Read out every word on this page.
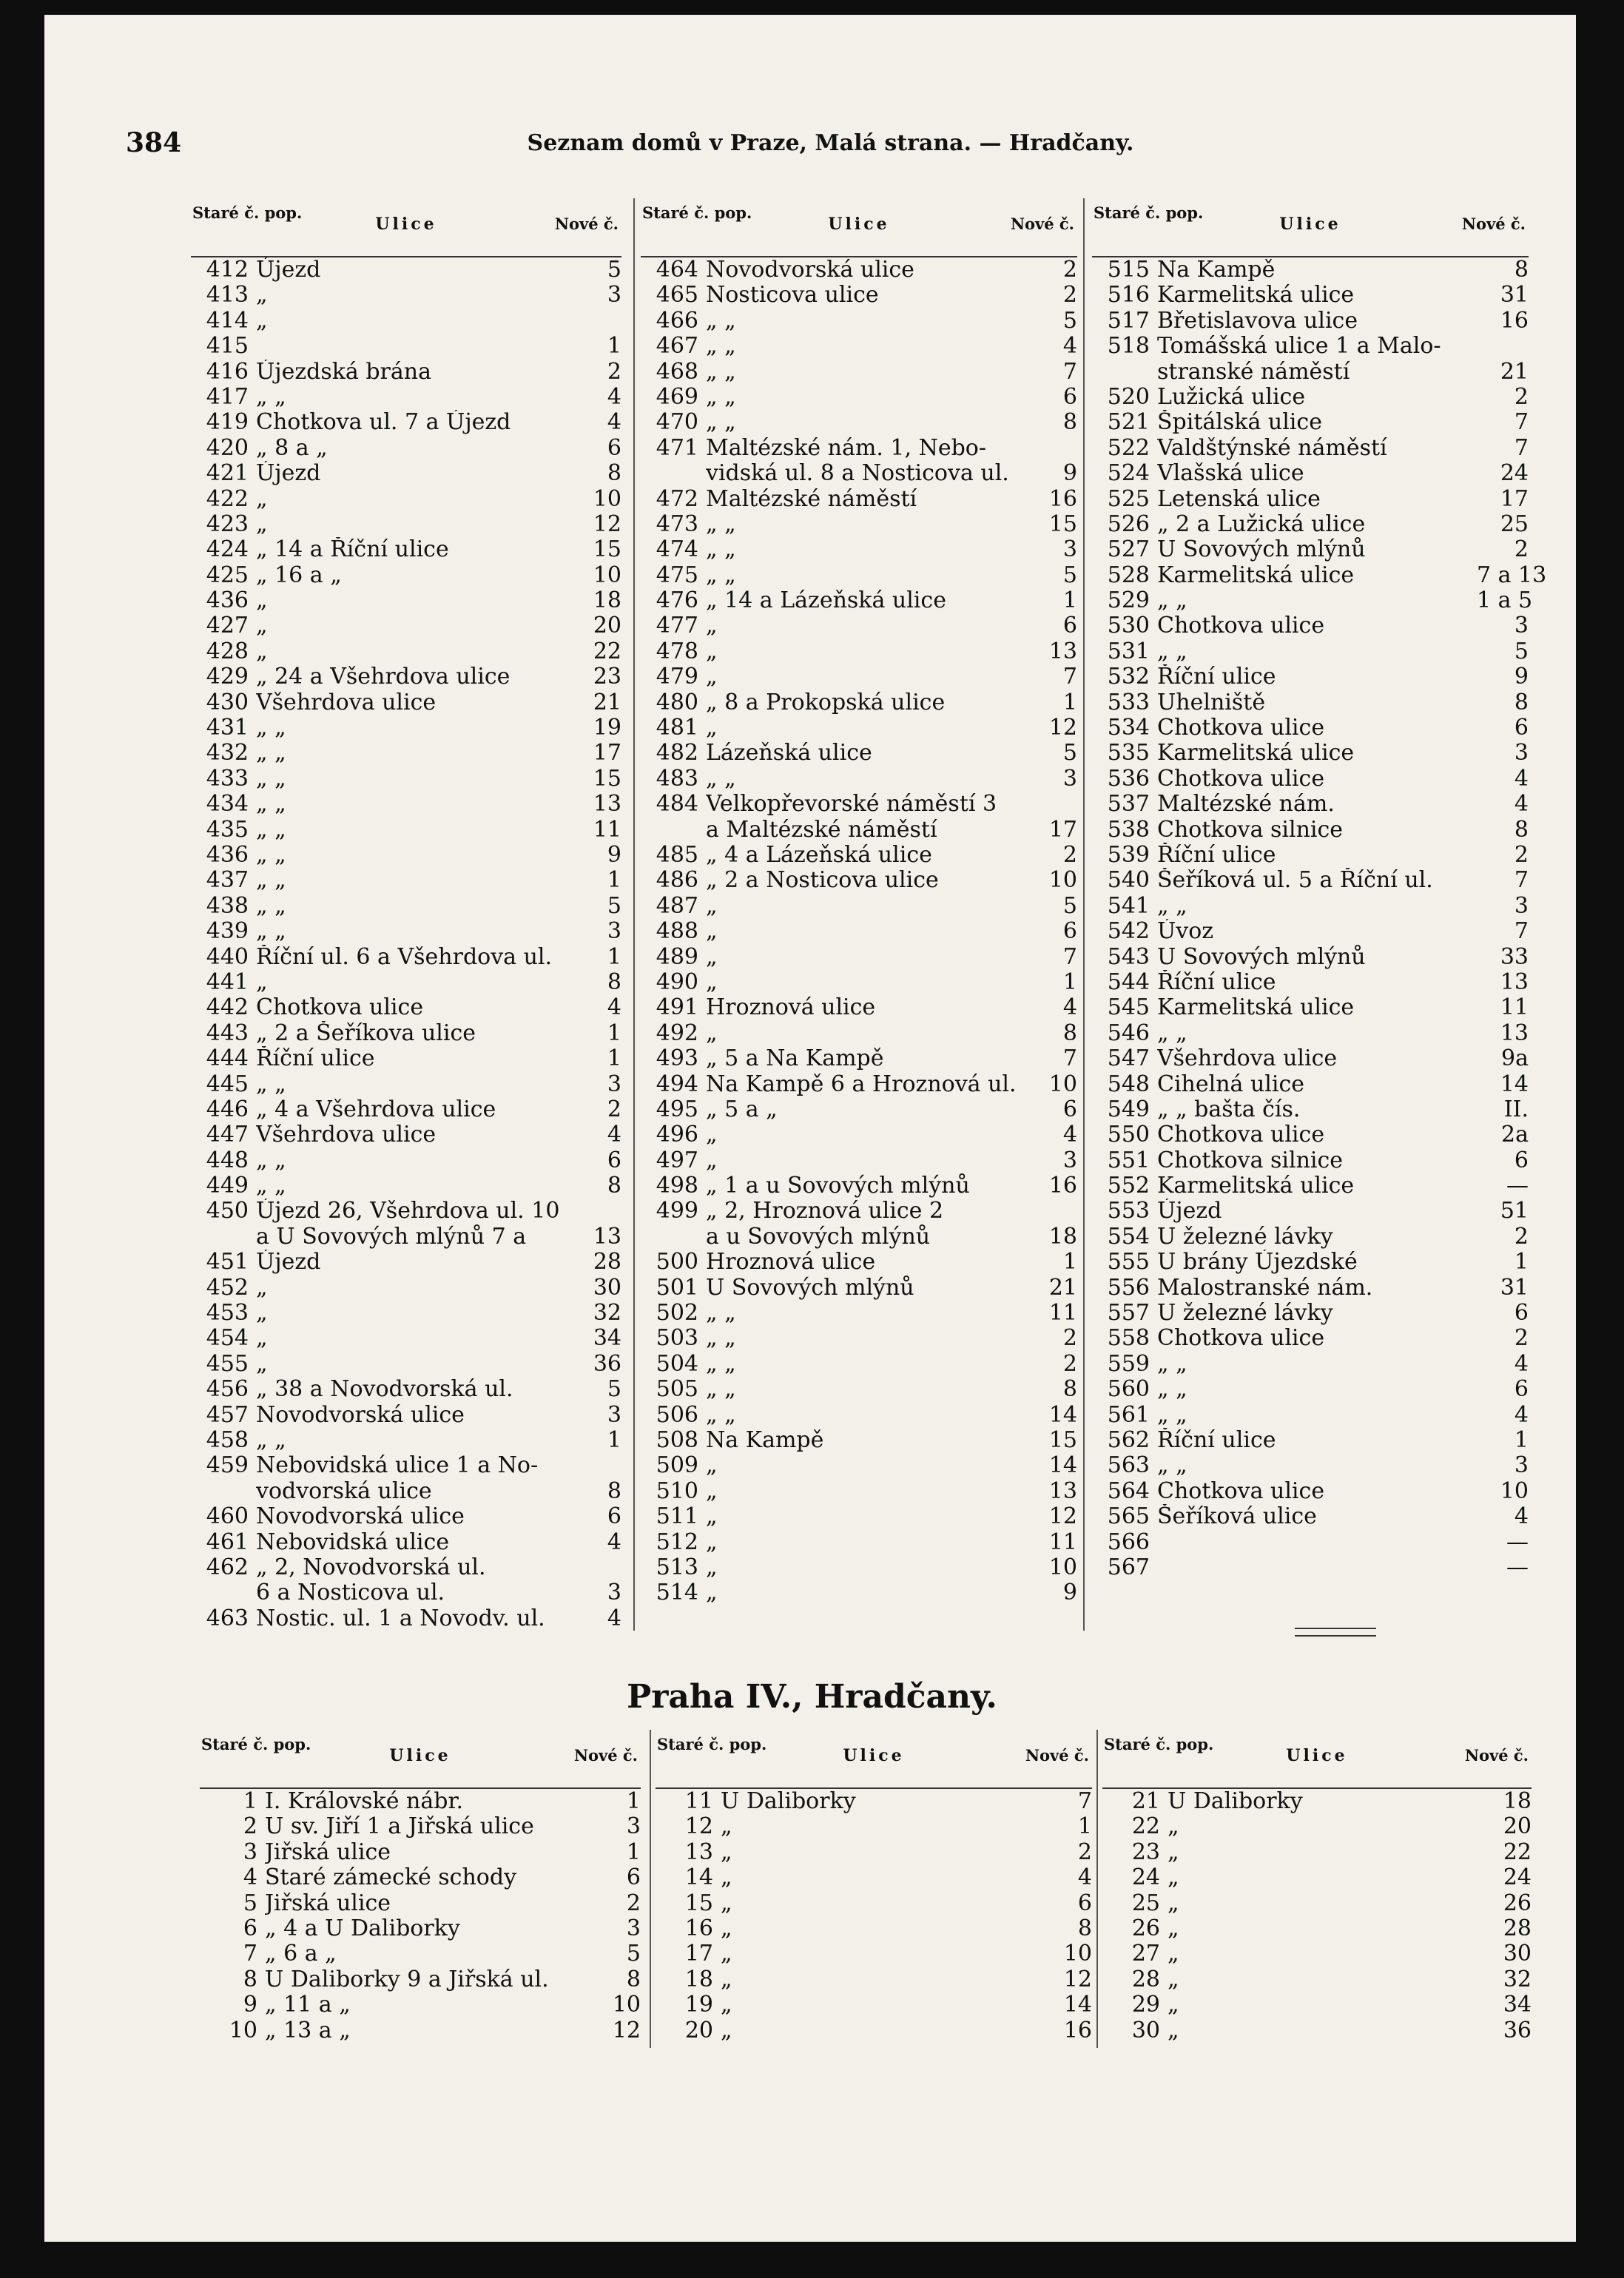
384	Seznam domů v Praze, Malá strana. — Hradčany.
Staré č. pop.
Ulice	Nové č.
412 Újezd	5
413 „	3
414 „
415	1
416 Újezdská brána	2
417 „ „	4
419 Chotkova ul. 7 a Újezd	4
420 „ 8 a „	6
421 Újezd	8
422 „	10
423 „	12
424 „ 14 a Říční ulice	15
425 „ 16 a „	10
436 „	18
427 „	20
428 „	22
429 „ 24 a Všehrdova ulice	23
430 Všehrdova ulice	21
431 „ „	19
432 „ „	17
433 „ „	15
434 „ „	13
435 „ „	11
436 „ „	9
437 „ „	1
438 „ „	5
439 „ „	3
440 Říční ul. 6 a Všehrdova ul.	1
441 „	8
442 Chotkova ulice	4
443 „ 2 a Šeříkova ulice	1
444 Říční ulice	1
445 „ „	3
446 „ 4 a Všehrdova ulice	2
447 Všehrdova ulice	4
448 „ „	6
449 „ „	8
450 Újezd 26, Všehrdova ul. 10
a U Sovových mlýnů 7 a	13
451 Újezd	28
452 „	30
453 „	32
454 „	34
455 „	36
456 „ 38 a Novodvorská ul.	5
457 Novodvorská ulice	3
458 „ „	1
459 Nebovidská ulice 1 a No-
vodvorská ulice	8
460 Novodvorská ulice	6
461 Nebovidská ulice	4
462 „ 2, Novodvorská ul.
6 a Nosticova ul.	3
463 Nostic. ul. 1 a Novodv. ul.	4
Staré č. pop.
Ulice	Nové č.
464 Novodvorská ulice	2
465 Nosticova ulice	2
466 „ „	5
467 „ „	4
468 „ „	7
469 „ „	6
470 „ „	8
471 Maltézské nám. 1, Nebo-
vidská ul. 8 a Nosticova ul.	9
472 Maltézské náměstí	16
473 „ „	15
474 „ „	3
475 „ „	5
476 „ 14 a Lázeňská ulice	1
477 „	6
478 „	13
479 „	7
480 „ 8 a Prokopská ulice	1
481 „	12
482 Lázeňská ulice	5
483 „ „	3
484 Velkopřevorské náměstí 3
a Maltézské náměstí	17
485 „ 4 a Lázeňská ulice	2
486 „ 2 a Nosticova ulice	10
487 „	5
488 „	6
489 „	7
490 „	1
491 Hroznová ulice	4
492 „	8
493 „ 5 a Na Kampě	7
494 Na Kampě 6 a Hroznová ul.	10
495 „ 5 a „	6
496 „	4
497 „	3
498 „ 1 a u Sovových mlýnů	16
499 „ 2, Hroznová ulice 2
a u Sovových mlýnů	18
500 Hroznová ulice	1
501 U Sovových mlýnů	21
502 „ „	11
503 „ „	2
504 „ „	2
505 „ „	8
506 „ „	14
508 Na Kampě	15
509 „	14
510 „	13
511 „	12
512 „	11
513 „	10
514 „	9
Staré č. pop.
Ulice	Nové č.
515 Na Kampě	8
516 Karmelitská ulice	31
517 Břetislavova ulice	16
518 Tomášská ulice 1 a Malo-
stranské náměstí	21
520 Lužická ulice	2
521 Špitálská ulice	7
522 Valdštýnské náměstí	7
524 Vlašská ulice	24
525 Letenská ulice	17
526 „ 2 a Lužická ulice	25
527 U Sovových mlýnů	2
528 Karmelitská ulice	7 a 13
529 „ „	1 a 5
530 Chotkova ulice	3
531 „ „	5
532 Říční ulice	9
533 Uhelniště	8
534 Chotkova ulice	6
535 Karmelitská ulice	3
536 Chotkova ulice	4
537 Maltézské nám.	4
538 Chotkova silnice	8
539 Říční ulice	2
540 Šeříková ul. 5 a Říční ul.	7
541 „ „	3
542 Úvoz	7
543 U Sovových mlýnů	33
544 Říční ulice	13
545 Karmelitská ulice	11
546 „ „	13
547 Všehrdova ulice	9a
548 Cihelná ulice	14
549 „ „ bašta čís.	II.
550 Chotkova ulice	2a
551 Chotkova silnice	6
552 Karmelitská ulice	—
553 Újezd	51
554 U železné lávky	2
555 U brány Újezdské	1
556 Malostranské nám.	31
557 U železné lávky	6
558 Chotkova ulice	2
559 „ „	4
560 „ „	6
561 „ „	4
562 Říční ulice	1
563 „ „	3
564 Chotkova ulice	10
565 Šeříková ulice	4
566	—
567	—
Praha IV., Hradčany.
Staré č. pop.
Ulice	Nové č.
1 I. Královské nábr.	1
2 U sv. Jiří 1 a Jiřská ulice	3
3 Jiřská ulice	1
4 Staré zámecké schody	6
5 Jiřská ulice	2
6 „ 4 a U Daliborky	3
7 „ 6 a „	5
8 U Daliborky 9 a Jiřská ul.	8
9 „ 11 a „	10
10 „ 13 a „	12
Staré č. pop.
Ulice	Nové č.
11 U Daliborky	7
12 „	1
13 „	2
14 „	4
15 „	6
16 „	8
17 „	10
18 „	12
19 „	14
20 „	16
Staré č. pop.
Ulice	Nové č.
21 U Daliborky	18
22 „	20
23 „	22
24 „	24
25 „	26
26 „	28
27 „	30
28 „	32
29 „	34
30 „	36
